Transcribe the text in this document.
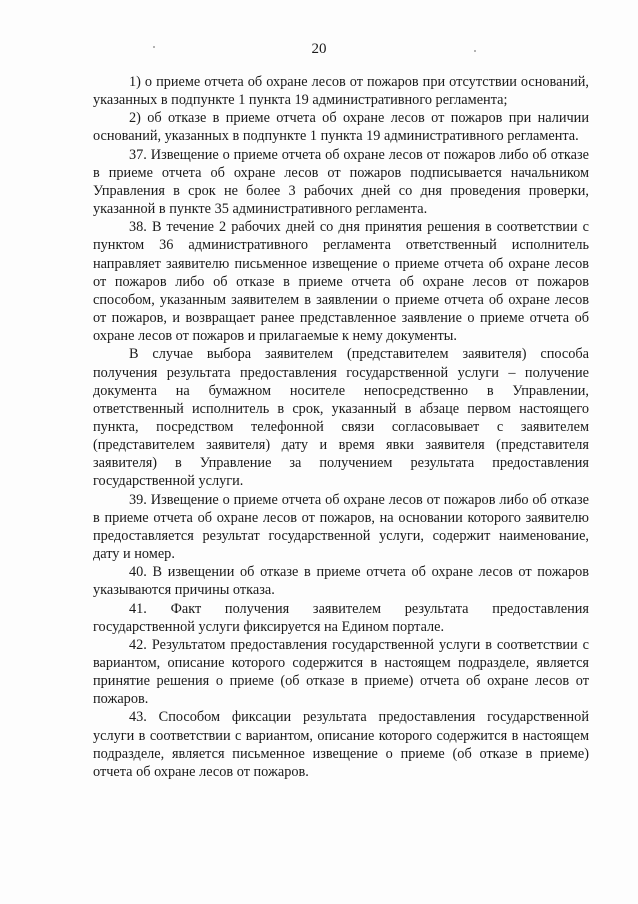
20

1) о приеме отчета об охране лесов от пожаров при отсутствии оснований, указанных в подпункте 1 пункта 19 административного регламента;

2) об отказе в приеме отчета об охране лесов от пожаров при наличии оснований, указанных в подпункте 1 пункта 19 административного регламента.

37. Извещение о приеме отчета об охране лесов от пожаров либо об отказе в приеме отчета об охране лесов от пожаров подписывается начальником Управления в срок не более 3 рабочих дней со дня проведения проверки, указанной в пункте 35 административного регламента.

38. В течение 2 рабочих дней со дня принятия решения в соответствии с пунктом 36 административного регламента ответственный исполнитель направляет заявителю письменное извещение о приеме отчета об охране лесов от пожаров либо об отказе в приеме отчета об охране лесов от пожаров способом, указанным заявителем в заявлении о приеме отчета об охране лесов от пожаров, и возвращает ранее представленное заявление о приеме отчета об охране лесов от пожаров и прилагаемые к нему документы.

В случае выбора заявителем (представителем заявителя) способа получения результата предоставления государственной услуги – получение документа на бумажном носителе непосредственно в Управлении, ответственный исполнитель в срок, указанный в абзаце первом настоящего пункта, посредством телефонной связи согласовывает с заявителем (представителем заявителя) дату и время явки заявителя (представителя заявителя) в Управление за получением результата предоставления государственной услуги.

39. Извещение о приеме отчета об охране лесов от пожаров либо об отказе в приеме отчета об охране лесов от пожаров, на основании которого заявителю предоставляется результат государственной услуги, содержит наименование, дату и номер.

40. В извещении об отказе в приеме отчета об охране лесов от пожаров указываются причины отказа.

41. Факт получения заявителем результата предоставления государственной услуги фиксируется на Едином портале.

42. Результатом предоставления государственной услуги в соответствии с вариантом, описание которого содержится в настоящем подразделе, является принятие решения о приеме (об отказе в приеме) отчета об охране лесов от пожаров.

43. Способом фиксации результата предоставления государственной услуги в соответствии с вариантом, описание которого содержится в настоящем подразделе, является письменное извещение о приеме (об отказе в приеме) отчета об охране лесов от пожаров.
